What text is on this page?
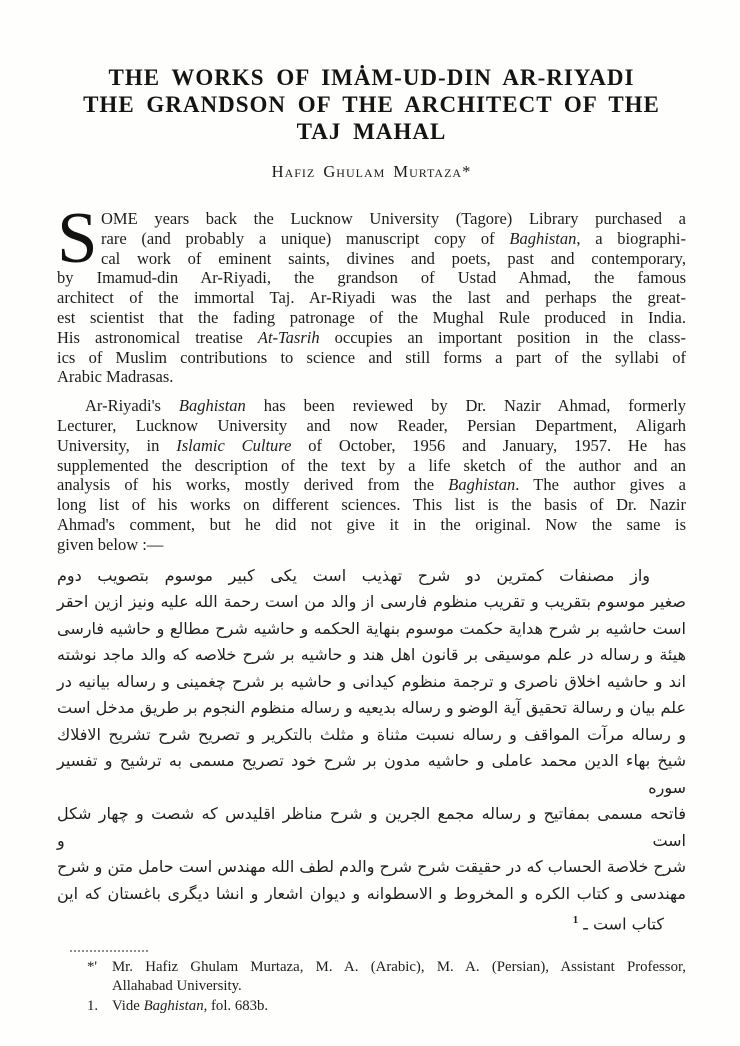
THE WORKS OF IMȦM-UD-DIN AR-RIYADI
THE GRANDSON OF THE ARCHITECT OF THE
TAJ MAHAL
Hafiz Ghulam Murtaza*
S OME years back the Lucknow University (Tagore) Library purchased a
rare (and probably a unique) manuscript copy of Baghistan, a biographi-
cal work of eminent saints, divines and poets, past and contemporary,
by Imamud-din Ar-Riyadi, the grandson of Ustad Ahmad, the famous
architect of the immortal Taj. Ar-Riyadi was the last and perhaps the great-
est scientist that the fading patronage of the Mughal Rule produced in India.
His astronomical treatise At-Tasrih occupies an important position in the class-
ics of Muslim contributions to science and still forms a part of the syllabi of
Arabic Madrasas.
Ar-Riyadi's Baghistan has been reviewed by Dr. Nazir Ahmad, formerly
Lecturer, Lucknow University and now Reader, Persian Department, Aligarh
University, in Islamic Culture of October, 1956 and January, 1957. He has
supplemented the description of the text by a life sketch of the author and an
analysis of his works, mostly derived from the Baghistan. The author gives a
long list of his works on different sciences. This list is the basis of Dr. Nazir
Ahmad's comment, but he did not give it in the original. Now the same is
given below :—
واز مصنفات كمترين دو شرح تهذيب است يكی كبير موسوم بتصويب دوم
صغير موسوم بتقريب و تقريب منظوم فارسی از والد من است رحمة الله عليه ونيز ازين احقر
است حاشيه بر شرح هداية حكمت موسوم بنهاية الحكمه و حاشيه شرح مطالع و حاشيه فارسی
هيئة و رساله در علم موسيقی بر قانون اهل هند و حاشيه بر شرح خلاصه كه والد ماجد نوشته
اند و حاشيه اخلاق ناصری و ترجمة منظوم كيدانی و حاشيه بر شرح چغمينی و رساله بيانيه در
علم بيان و رسالة تحقيق آية الوضو و رساله بديعيه و رساله منظوم النجوم بر طريق مدخل است
و رساله مرآت المواقف و رساله نسبت مثناة و مثلث بالتكرير و تصريح شرح تشريح الافلاك
شيخ بهاء الدين محمد عاملی و حاشيه مدون بر شرح خود تصريح مسمى به ترشيح و تفسير سوره
فاتحه مسمى بمفاتيح و رساله مجمع الجرين و شرح مناظر اقليدس كه شصت و چهار شكل است و
شرح خلاصة الحساب كه در حقيقت شرح شرح والدم لطف الله مهندس است حامل متن و شرح
مهندسی و كتاب الكره و المخروط و الاسطوانه و ديوان اشعار و انشا ديگری باغستان كه اين
كتاب است ـ$^1$
*'	Mr. Hafiz Ghulam Murtaza, M. A. (Arabic), M. A. (Persian), Assistant Professor,
Allahabad University.
1. Vide Baghistan, fol. 683b.
